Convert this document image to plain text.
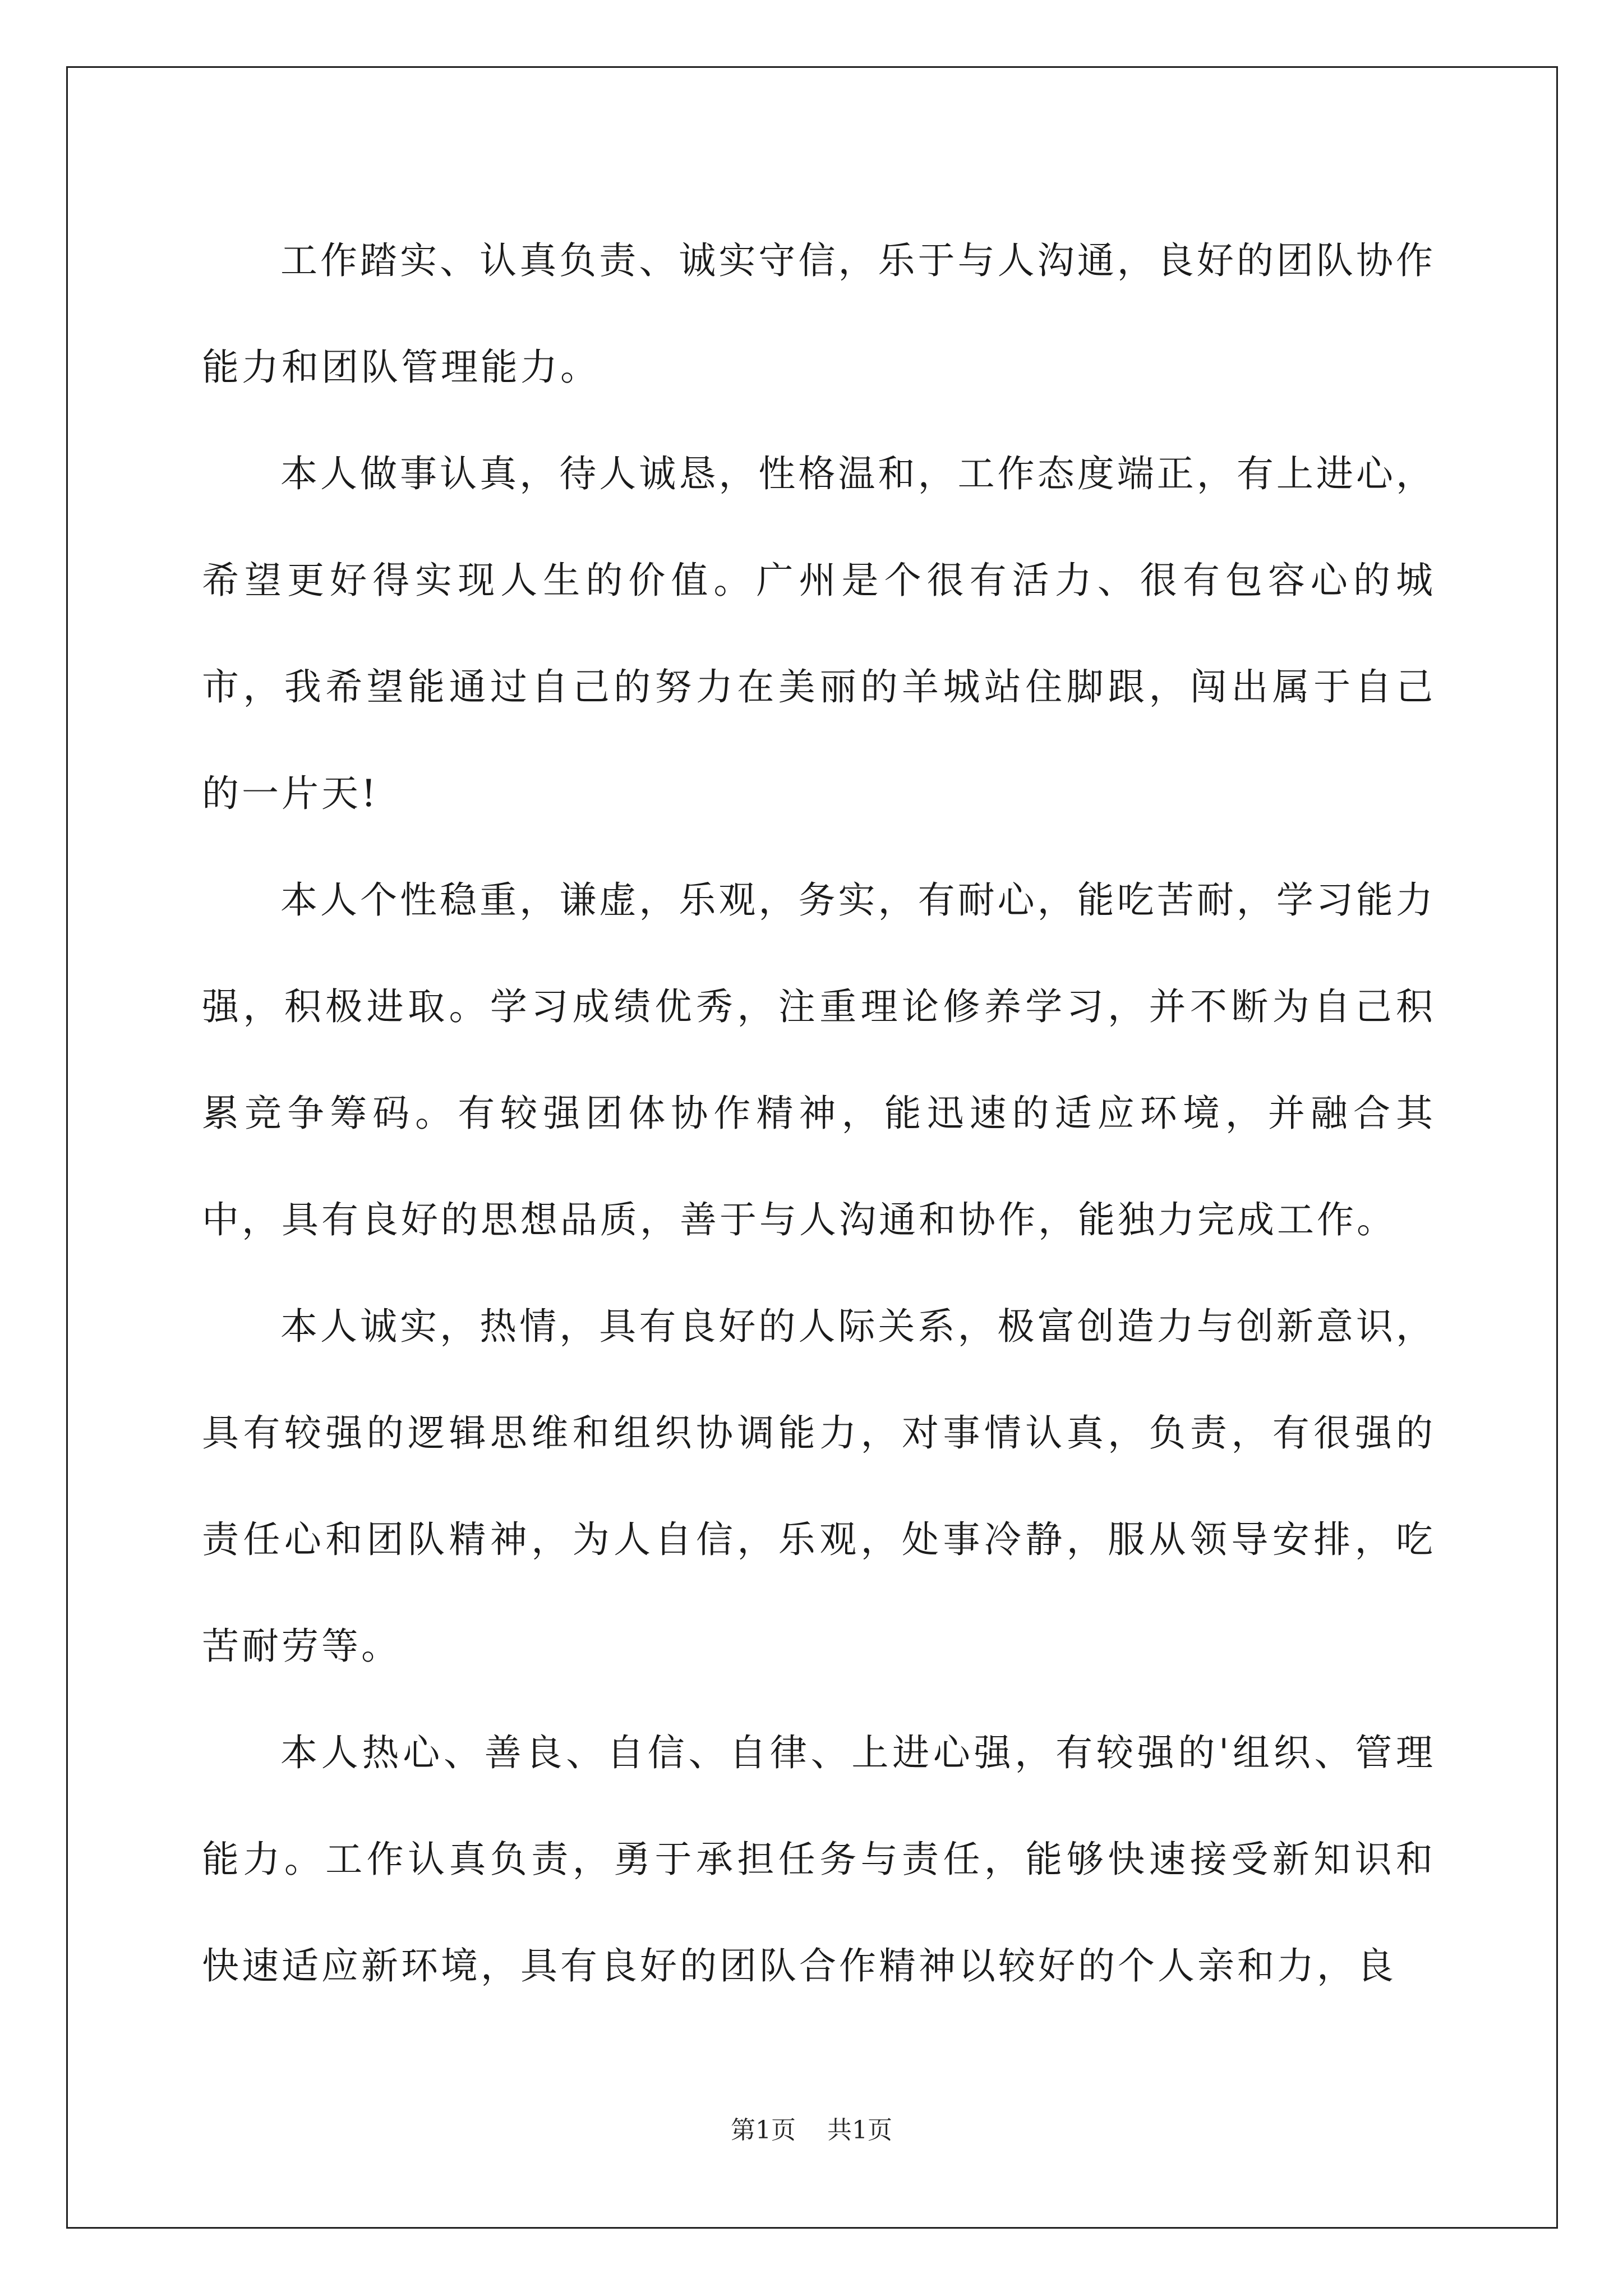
工作踏实、认真负责、诚实守信，乐于与人沟通，良好的团队协作能力和团队管理能力。

本人做事认真，待人诚恳，性格温和，工作态度端正，有上进心，希望更好得实现人生的价值。广州是个很有活力、很有包容心的城市，我希望能通过自己的努力在美丽的羊城站住脚跟，闯出属于自己的一片天!

本人个性稳重，谦虚，乐观，务实，有耐心，能吃苦耐，学习能力强，积极进取。学习成绩优秀，注重理论修养学习，并不断为自己积累竞争筹码。有较强团体协作精神，能迅速的适应环境，并融合其中，具有良好的思想品质，善于与人沟通和协作，能独力完成工作。

本人诚实，热情，具有良好的人际关系，极富创造力与创新意识，具有较强的逻辑思维和组织协调能力，对事情认真，负责，有很强的责任心和团队精神，为人自信，乐观，处事冷静，服从领导安排，吃苦耐劳等。

本人热心、善良、自信、自律、上进心强，有较强的'组织、管理能力。工作认真负责，勇于承担任务与责任，能够快速接受新知识和快速适应新环境，具有良好的团队合作精神以较好的个人亲和力，良

第1页 共1页
